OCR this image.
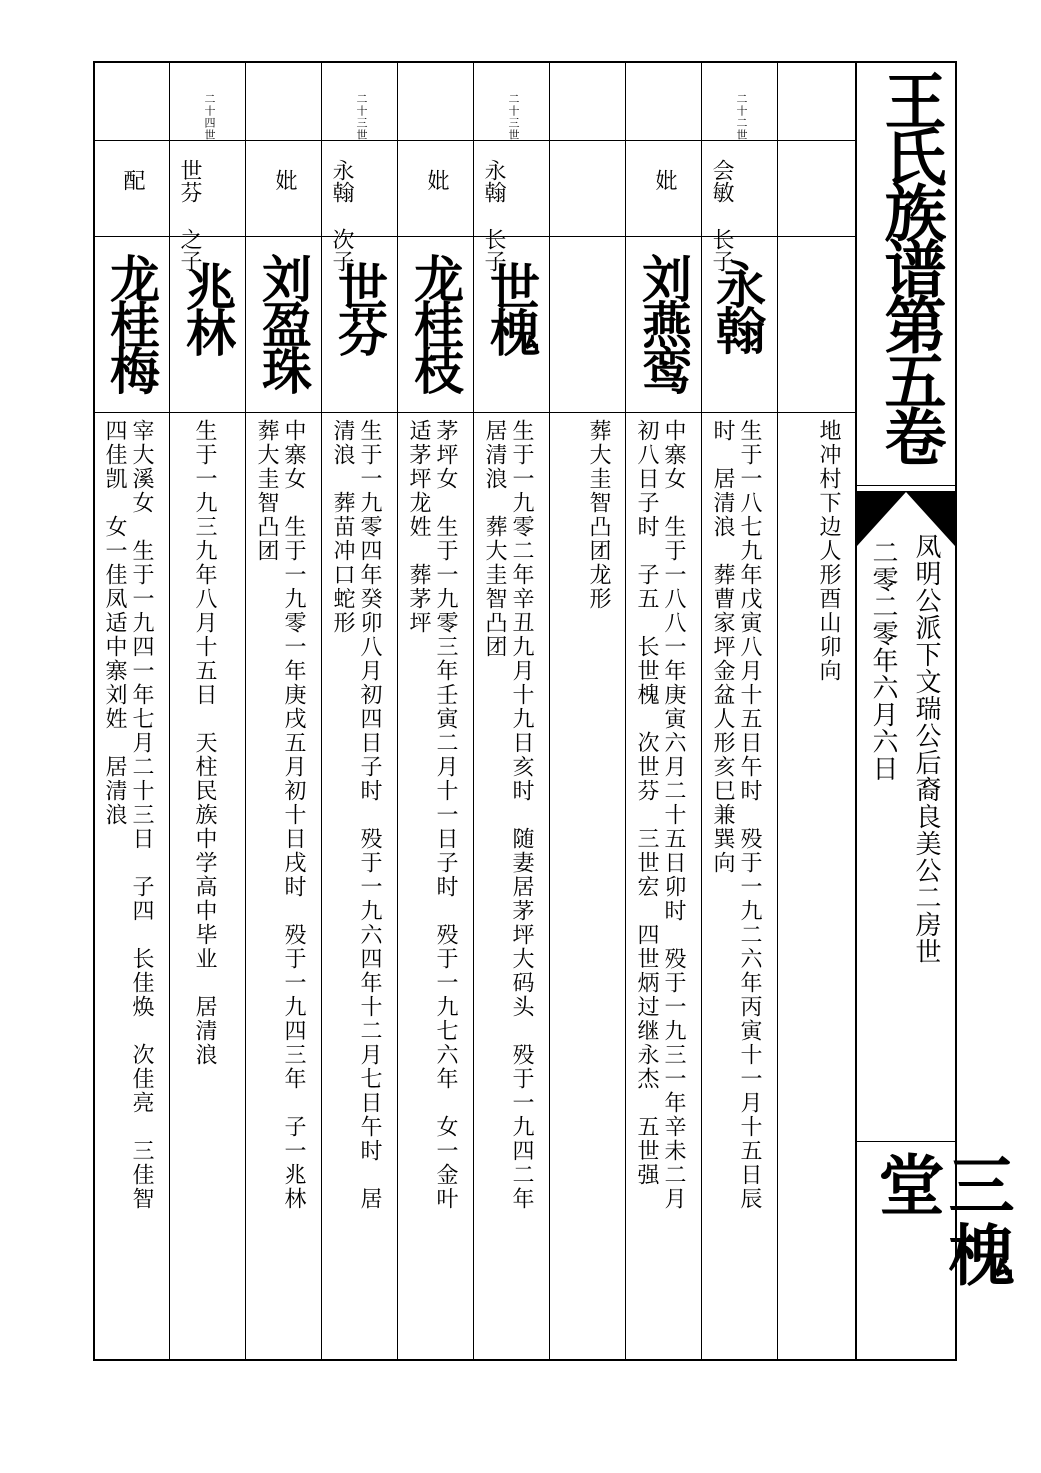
王氏族谱第五卷
凤明公派下文瑞公后裔良美公二房世
二零二零年六月六日
三槐堂
地冲村下边人形酉山卯向
二十二世
会敏 长子
永翰
生于一八七九年戊寅八月十五日午时　殁于一九二六年丙寅十一月十五日辰
时　居清浪　葬曹家坪金盆人形亥巳兼巽向
妣
刘燕鸾
中寨女　生于一八八一年庚寅六月二十五日卯时　殁于一九三一年辛未二月
初八日子时　子五　长世槐　次世芬　三世宏　四世炳过继永杰　五世强
葬大圭智凸团龙形
二十三世
永翰 长子
世槐
生于一九零二年辛丑九月十九日亥时　随妻居茅坪大码头　殁于一九四二年
居清浪　葬大圭智凸团
妣
龙桂枝
茅坪女　生于一九零三年壬寅二月十一日子时　殁于一九七六年　女一金叶
适茅坪龙姓　葬茅坪
二十三世
永翰 次子
世芬
生于一九零四年癸卯八月初四日子时　殁于一九六四年十二月七日午时　居
清浪　葬苗冲口蛇形
妣
刘盈珠
中寨女　生于一九零一年庚戌五月初十日戌时　殁于一九四三年　子一兆林
葬大圭智凸团
二十四世
世芬 之子
兆林
生于一九三九年八月十五日　天柱民族中学高中毕业　居清浪
配
龙桂梅
宰大溪女　生于一九四一年七月二十三日　子四　长佳焕　次佳亮　三佳智
四佳凯　女一佳凤适中寨刘姓　居清浪
